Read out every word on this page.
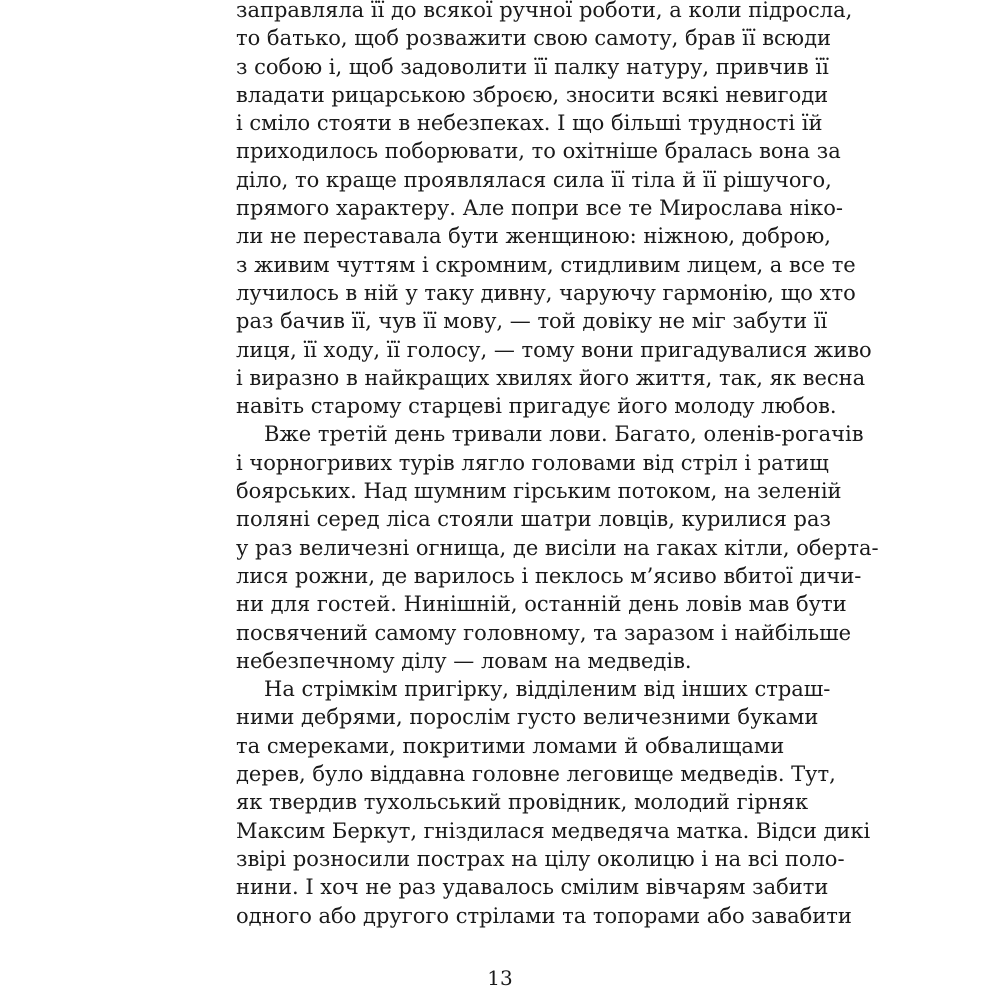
заправляла її до всякої ручної роботи, а коли підросла,
то батько, щоб розважити свою самоту, брав її всюди
з собою і, щоб задоволити її палку натуру, привчив її
владати рицарською зброєю, зносити всякі невигоди
і сміло стояти в небезпеках. І що більші трудності їй
приходилось поборювати, то охітніше бралась вона за
діло, то краще проявлялася сила її тіла й її рішучого,
прямого характеру. Але попри все те Мирослава ніко-
ли не переставала бути женщиною: ніжною, доброю,
з живим чуттям і скромним, стидливим лицем, а все те
лучилось в ній у таку дивну, чаруючу гармонію, що хто
раз бачив її, чув її мову, — той довіку не міг забути її
лиця, її ходу, її голосу, — тому вони пригадувалися живо
і виразно в найкращих хвилях його життя, так, як весна
навіть старому старцеві пригадує його молоду любов.

Вже третій день тривали лови. Багато, оленів-рогачів
і чорногривих турів лягло головами від стріл і ратищ
боярських. Над шумним гірським потоком, на зеленій
поляні серед ліса стояли шатри ловців, курилися раз
у раз величезні огнища, де висіли на гаках кітли, оберта-
лися рожни, де варилось і пеклось м’ясиво вбитої дичи-
ни для гостей. Нинішній, останній день ловів мав бути
посвячений самому головному, та заразом і найбільше
небезпечному ділу — ловам на медведів.

На стрімкім пригірку, відділеним від інших страш-
ними дебрями, порослім густо величезними буками
та смереками, покритими ломами й обвалищами
дерев, було віддавна головне леговище медведів. Тут,
як твердив тухольський провідник, молодий гірняк
Максим Беркут, гніздилася медведяча матка. Відси дикі
звірі розносили пострах на цілу околицю і на всі поло-
нини. І хоч не раз удавалось смілим вівчарям забити
одного або другого стрілами та топорами або завабити

13
